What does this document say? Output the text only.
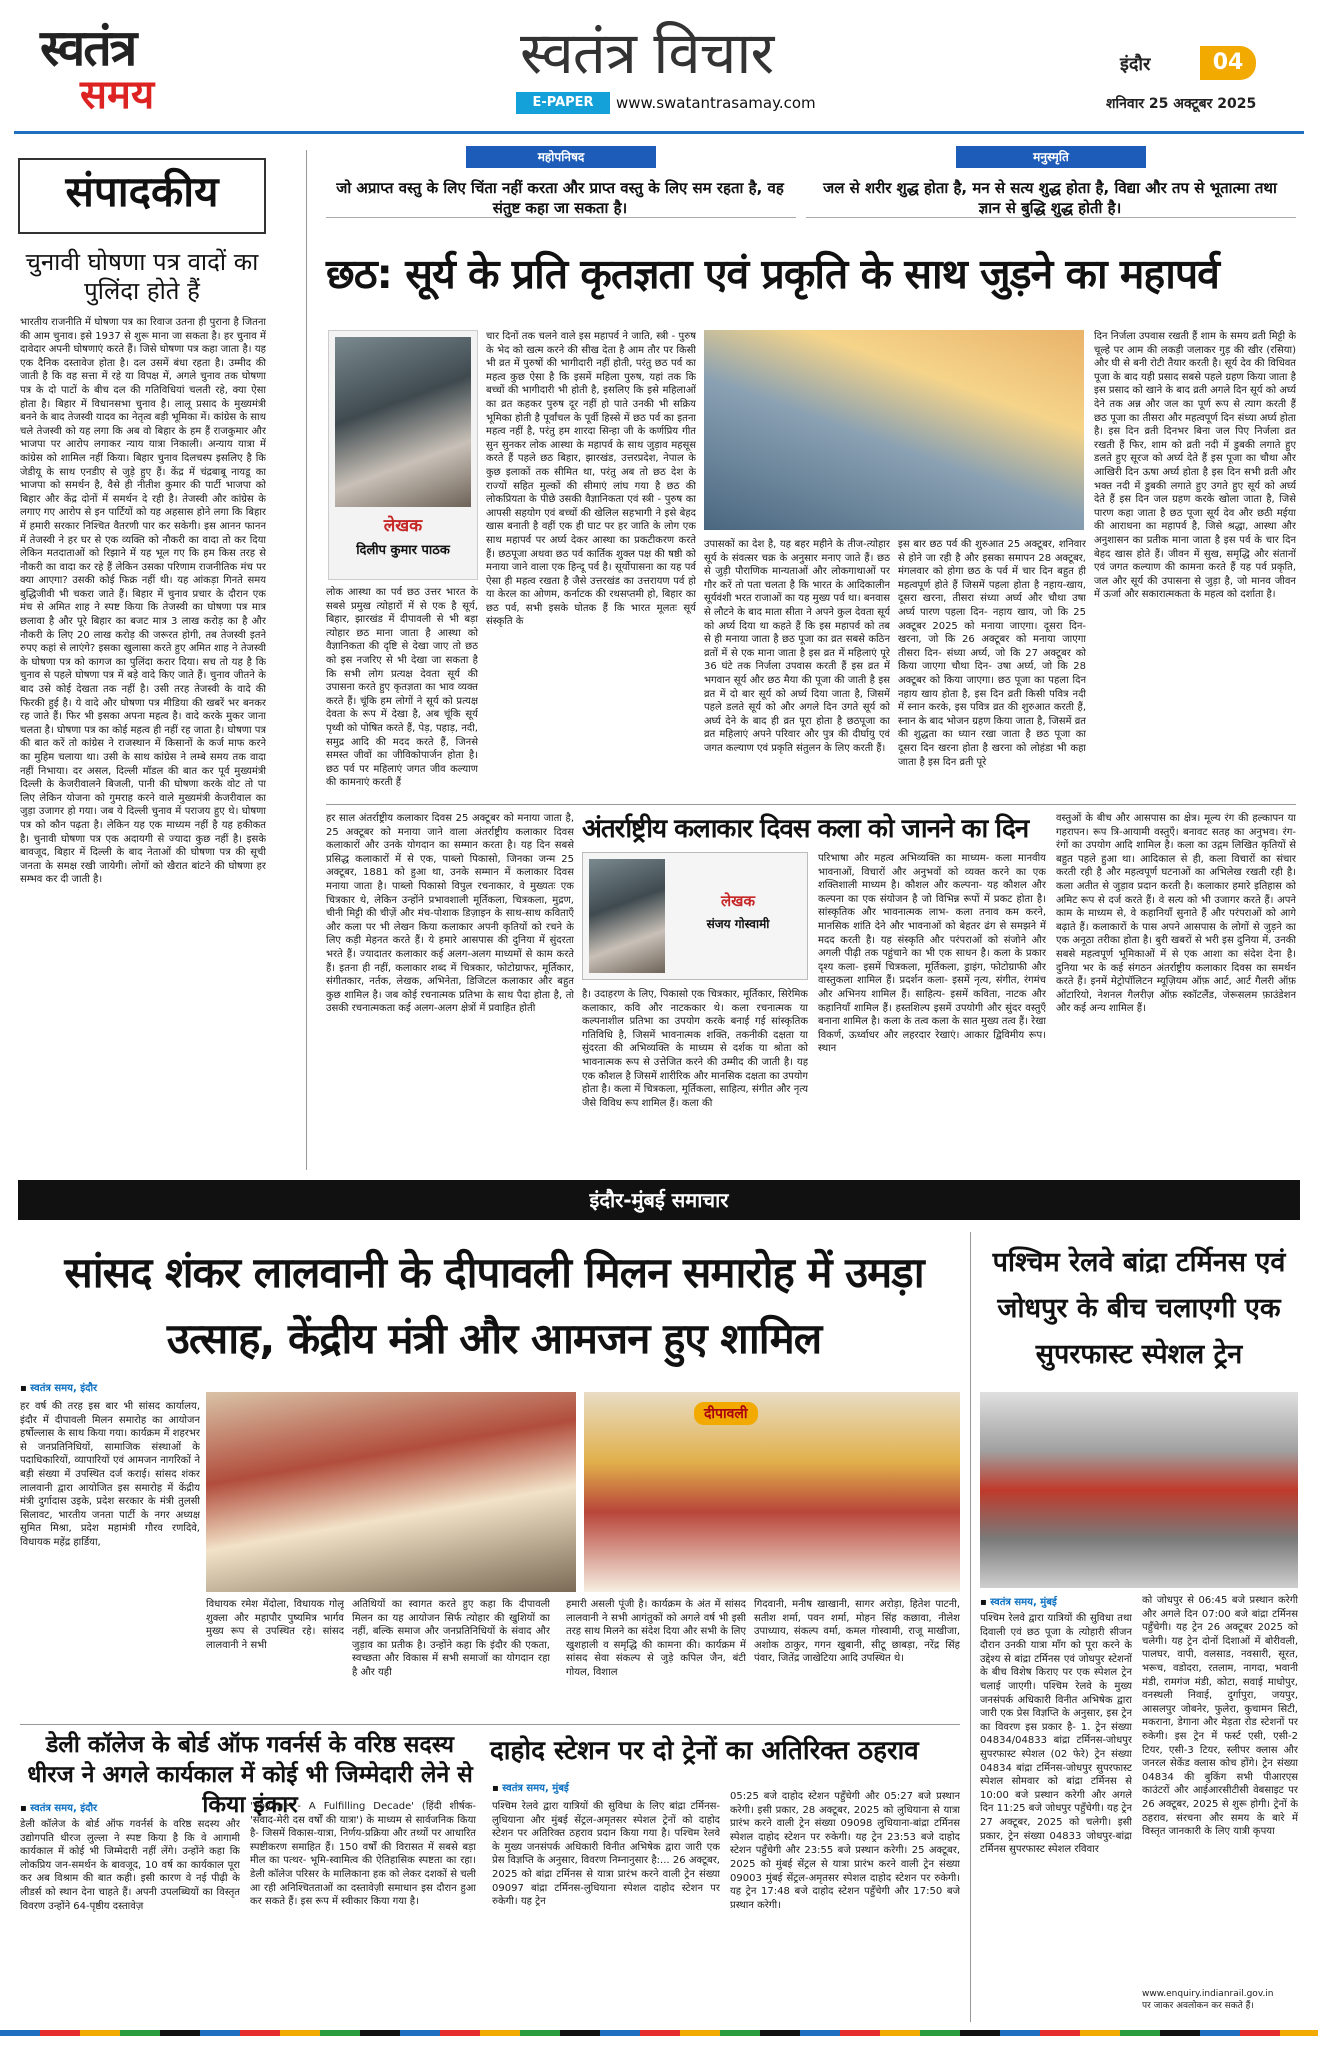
स्वतंत्र
समय
स्वतंत्र विचार
E-PAPER	www.swatantrasamay.com
इंदौर	04
शनिवार 25 अक्टूबर 2025
संपादकीय
चुनावी घोषणा पत्र वादों का पुलिंदा होते हैं
भारतीय राजनीति में घोषणा पत्र का रिवाज उतना ही पुराना है जितना की आम चुनाव। इसे 1937 से शुरू माना जा सकता है। हर चुनाव में दावेदार अपनी घोषणाएं करते हैं। जिसे घोषणा पत्र कहा जाता है। यह एक दैनिक दस्तावेज होता है। दल उसमें बंधा रहता है। उम्मीद की जाती है कि वह सत्ता में रहे या विपक्ष में, अगले चुनाव तक घोषणा पत्र के दो पाटों के बीच दल की गतिविधियां चलती रहे, क्या ऐसा होता है। बिहार में विधानसभा चुनाव है। लालू प्रसाद के मुख्यमंत्री बनने के बाद तेजस्वी यादव का नेतृत्व बड़ी भूमिका में। कांग्रेस के साथ चले तेजस्वी को यह लगा कि अब वो बिहार के हम हैं राजकुमार और भाजपा पर आरोप लगाकर न्याय यात्रा निकाली। अन्याय यात्रा में कांग्रेस को शामिल नहीं किया। बिहार चुनाव दिलचस्प इसलिए है कि जेडीयू के साथ एनडीए से जुड़े हुए हैं। केंद्र में चंद्रबाबू नायडू का भाजपा को समर्थन है, वैसे ही नीतीश कुमार की पार्टी भाजपा को बिहार और केंद्र दोनों में समर्थन दे रही है। तेजस्वी और कांग्रेस के लगाए गए आरोप से इन पार्टियों को यह अहसास होने लगा कि बिहार में हमारी सरकार निश्चित वैतरणी पार कर सकेगी। इस आनन फानन में तेजस्वी ने हर घर से एक व्यक्ति को नौकरी का वादा तो कर दिया लेकिन मतदाताओं को रिझाने में यह भूल गए कि हम किस तरह से नौकरी का वादा कर रहे हैं लेकिन उसका परिणाम राजनीतिक मंच पर क्या आएगा? उसकी कोई फिक्र नहीं थी। यह आंकड़ा गिनते समय बुद्धिजीवी भी चकरा जाते हैं। बिहार में चुनाव प्रचार के दौरान एक मंच से अमित शाह ने स्पष्ट किया कि तेजस्वी का घोषणा पत्र मात्र छलावा है और पूरे बिहार का बजट मात्र 3 लाख करोड़ का है और नौकरी के लिए 20 लाख करोड़ की जरूरत होगी, तब तेजस्वी इतने रुपए कहां से लाएंगे? इसका खुलासा करते हुए अमित शाह ने तेजस्वी के घोषणा पत्र को कागज का पुलिंदा करार दिया। सच तो यह है कि चुनाव से पहले घोषणा पत्र में बड़े वादे किए जाते हैं। चुनाव जीतने के बाद उसे कोई देखता तक नहीं है। उसी तरह तेजस्वी के वादे की फिरकी हुई है। ये वादे और घोषणा पत्र मीडिया की खबरें भर बनकर रह जाते हैं। फिर भी इसका अपना महत्व है। वादे करके मुकर जाना चलता है। घोषणा पत्र का कोई महत्व ही नहीं रह जाता है। घोषणा पत्र की बात करें तो कांग्रेस ने राजस्थान में किसानों के कर्ज माफ करने का मुहिम चलाया था। उसी के साथ कांग्रेस ने लम्बे समय तक वादा नहीं निभाया। दर असल, दिल्ली मॉडल की बात कर पूर्व मुख्यमंत्री दिल्ली के केजरीवालने बिजली, पानी की घोषणा करके वोट तो पा लिए लेकिन योजना को गुमराह करने वाले मुख्यमंत्री केजरीवाल का जुड़ा उजागर हो गया। जब ये दिल्ली चुनाव में पराजय हुए थे। घोषणा पत्र को कौन पढ़ता है। लेकिन यह एक माध्यम नहीं है यह हकीकत है। चुनावी घोषणा पत्र एक अदायगी से ज्यादा कुछ नहीं है। इसके बावजूद, बिहार में दिल्ली के बाद नेताओं की घोषणा पत्र की सूची जनता के समक्ष रखी जायेगी। लोगों को खैरात बांटने की घोषणा हर सम्भव कर दी जाती है।
महोपनिषद
जो अप्राप्त वस्तु के लिए चिंता नहीं करता और प्राप्त वस्तु के लिए सम रहता है, वह संतुष्ट कहा जा सकता है।
मनुस्मृति
जल से शरीर शुद्ध होता है, मन से सत्य शुद्ध होता है, विद्या और तप से भूतात्मा तथा ज्ञान से बुद्धि शुद्ध होती है।
छठ: सूर्य के प्रति कृतज्ञता एवं प्रकृति के साथ जुड़ने का महापर्व
लेखक
दिलीप कुमार पाठक
लोक आस्था का पर्व छठ उत्तर भारत के सबसे प्रमुख त्योहारों में से एक है सूर्य, बिहार, झारखंड में दीपावली से भी बड़ा त्योहार छठ माना जाता है आस्था को वैज्ञानिकता की दृष्टि से देखा जाए तो छठ को इस नजरिए से भी देखा जा सकता है कि सभी लोग प्रत्यक्ष देवता सूर्य की उपासना करते हुए कृतज्ञता का भाव व्यक्त करते हैं। चूंकि हम लोगों ने सूर्य को प्रत्यक्ष देवता के रूप में देखा है, अब चूंकि सूर्य पृथ्वी को पोषित करते हैं, पेड़, पहाड़, नदी, समुद्र आदि की मदद करते हैं, जिनसे समस्त जीवों का जीविकोपार्जन होता है। छठ पर्व पर महिलाएं जगत जीव कल्याण की कामनाएं करती हैं
चार दिनों तक चलने वाले इस महापर्व ने जाति, स्त्री - पुरुष के भेद को खत्म करने की सीख देता है आम तौर पर किसी भी व्रत में पुरुषों की भागीदारी नहीं होती, परंतु छठ पर्व का महत्व कुछ ऐसा है कि इसमें महिला पुरुष, यहां तक कि बच्चों की भागीदारी भी होती है, इसलिए कि इसे महिलाओं का व्रत कहकर पुरुष दूर नहीं हो पाते उनकी भी सक्रिय भूमिका होती है पूर्वांचल के पूर्वी हिस्से में छठ पर्व का इतना महत्व नहीं है, परंतु हम शारदा सिन्हा जी के कर्णप्रिय गीत सुन सुनकर लोक आस्था के महापर्व के साथ जुड़ाव महसूस करते हैं पहले छठ बिहार, झारखंड, उत्तरप्रदेश, नेपाल के कुछ इलाकों तक सीमित था, परंतु अब तो छठ देश के राज्यों सहित मुल्कों की सीमाएं लांघ गया है छठ की लोकप्रियता के पीछे उसकी वैज्ञानिकता एवं स्त्री - पुरुष का आपसी सहयोग एवं बच्चों की खेलिल सहभागी ने इसे बेहद खास बनाती है वहीं एक ही घाट पर हर जाति के लोग एक साथ महापर्व पर अर्घ्य देकर आस्था का प्रकटीकरण करते हैं। छठपूजा अथवा छठ पर्व कार्तिक शुक्ल पक्ष की षष्ठी को मनाया जाने वाला एक हिन्दू पर्व है। सूर्योपासना का यह पर्व ऐसा ही महत्व रखता है जैसे उत्तरखंड का उत्तरायण पर्व हो या केरल का ओणम, कर्नाटक की रथसप्तमी हो, बिहार का छठ पर्व, सभी इसके घोतक हैं कि भारत मूलतः सूर्य संस्कृति के
उपासकों का देश है, यह बहर महीने के तीज-त्योहार सूर्य के संवत्सर चक्र के अनुसार मनाए जाते हैं। छठ से जुड़ी पौराणिक मान्यताओं और लोकगाथाओं पर गौर करें तो पता चलता है कि भारत के आदिकालीन सूर्यवंशी भरत राजाओं का यह मुख्य पर्व था। बनवास से लौटने के बाद माता सीता ने अपने कुल देवता सूर्य को अर्घ्य दिया था कहते हैं कि इस महापर्व को तब से ही मनाया जाता है छठ पूजा का व्रत सबसे कठिन व्रतों में से एक माना जाता है इस व्रत में महिलाएं पूरे 36 घंटे तक निर्जला उपवास करती हैं इस व्रत में भगवान सूर्य और छठ मैया की पूजा की जाती है इस व्रत में दो बार सूर्य को अर्घ्य दिया जाता है, जिसमें पहले डलते सूर्य को और अगले दिन उगते सूर्य को अर्घ्य देने के बाद ही व्रत पूरा होता है छठपूजा का व्रत महिलाएं अपने परिवार और पुत्र की दीर्घायु एवं जगत कल्याण एवं प्रकृति संतुलन के लिए करती हैं।
इस बार छठ पर्व की शुरुआत 25 अक्टूबर, शनिवार से होने जा रही है और इसका समापन 28 अक्टूबर, मंगलवार को होगा छठ के पर्व में चार दिन बहुत ही महत्वपूर्ण होते हैं जिसमें पहला होता है नहाय-खाय, दूसरा खरना, तीसरा संध्या अर्घ्य और चौथा उषा अर्घ्य पारण पहला दिन- नहाय खाय, जो कि 25 अक्टूबर 2025 को मनाया जाएगा। दूसरा दिन- खरना, जो कि 26 अक्टूबर को मनाया जाएगा तीसरा दिन- संध्या अर्घ्य, जो कि 27 अक्टूबर को किया जाएगा चौथा दिन- उषा अर्घ्य, जो कि 28 अक्टूबर को किया जाएगा। छठ पूजा का पहला दिन नहाय खाय होता है, इस दिन व्रती किसी पवित्र नदी में स्नान करके, इस पवित्र व्रत की शुरुआत करती हैं, स्नान के बाद भोजन ग्रहण किया जाता है, जिसमें व्रत की शुद्धता का ध्यान रखा जाता है छठ पूजा का दूसरा दिन खरना होता है खरना को लोहंडा भी कहा जाता है इस दिन व्रती पूरे
दिन निर्जला उपवास रखती हैं शाम के समय व्रती मिट्टी के चूल्हे पर आम की लकड़ी जलाकर गुड़ की खीर (रसिया) और घी से बनी रोटी तैयार करती है। सूर्य देव की विधिवत पूजा के बाद यही प्रसाद सबसे पहले ग्रहण किया जाता है इस प्रसाद को खाने के बाद व्रती अगले दिन सूर्य को अर्घ्य देने तक अन्न और जल का पूर्ण रूप से त्याग करती हैं छठ पूजा का तीसरा और महत्वपूर्ण दिन संध्या अर्घ्य होता है। इस दिन व्रती दिनभर बिना जल पिए निर्जला व्रत रखती हैं फिर, शाम को व्रती नदी में डुबकी लगाते हुए डलते हुए सूरज को अर्घ्य देते हैं इस पूजा का चौथा और आखिरी दिन ऊषा अर्घ्य होता है इस दिन सभी व्रती और भक्त नदी में डुबकी लगाते हुए उगते हुए सूर्य को अर्घ्य देते हैं इस दिन जल ग्रहण करके खोला जाता है, जिसे पारण कहा जाता है छठ पूजा सूर्य देव और छठी मईया की आराधना का महापर्व है, जिसे श्रद्धा, आस्था और अनुशासन का प्रतीक माना जाता है इस पर्व के चार दिन बेहद खास होते हैं। जीवन में सुख, समृद्धि और संतानों एवं जगत कल्याण की कामना करते हैं यह पर्व प्रकृति, जल और सूर्य की उपासना से जुड़ा है, जो मानव जीवन में ऊर्जा और सकारात्मकता के महत्व को दर्शाता है।
अंतर्राष्ट्रीय कलाकार दिवस कला को जानने का दिन
हर साल अंतर्राष्ट्रीय कलाकार दिवस 25 अक्टूबर को मनाया जाता है, 25 अक्टूबर को मनाया जाने वाला अंतर्राष्ट्रीय कलाकार दिवस कलाकारों और उनके योगदान का सम्मान करता है। यह दिन सबसे प्रसिद्ध कलाकारों में से एक, पाब्लो पिकासो, जिनका जन्म 25 अक्टूबर, 1881 को हुआ था, उनके सम्मान में कलाकार दिवस मनाया जाता है। पाब्लो पिकासो विपुल रचनाकार, वे मुख्यतः एक चित्रकार थे, लेकिन उन्होंने प्रभावशाली मूर्तिकला, चित्रकला, मुद्रण, चीनी मिट्टी की चीज़ें और मंच-पोशाक डिज़ाइन के साथ-साथ कविताएँ और कला पर भी लेखन किया कलाकार अपनी कृतियों को रचने के लिए कड़ी मेहनत करते हैं। ये हमारे आसपास की दुनिया में सुंदरता भरते हैं। ज्यादातर कलाकार कई अलग-अलग माध्यमों से काम करते हैं। इतना ही नहीं, कलाकार शब्द में चित्रकार, फोटोग्राफर, मूर्तिकार, संगीतकार, नर्तक, लेखक, अभिनेता, डिजिटल कलाकार और बहुत कुछ शामिल है। जब कोई रचनात्मक प्रतिभा के साथ पैदा होता है, तो उसकी रचनात्मकता कई अलग-अलग क्षेत्रों में प्रवाहित होती
लेखक
संजय गोस्वामी
है। उदाहरण के लिए, पिकासो एक चित्रकार, मूर्तिकार, सिरेमिक कलाकार, कवि और नाटककार थे। कला रचनात्मक या कल्पनाशील प्रतिभा का उपयोग करके बनाई गई सांस्कृतिक गतिविधि है, जिसमें भावनात्मक शक्ति, तकनीकी दक्षता या सुंदरता की अभिव्यक्ति के माध्यम से दर्शक या श्रोता को भावनात्मक रूप से उत्तेजित करने की उम्मीद की जाती है। यह एक कौशल है जिसमें शारीरिक और मानसिक दक्षता का उपयोग होता है। कला में चित्रकला, मूर्तिकला, साहित्य, संगीत और नृत्य जैसे विविध रूप शामिल हैं। कला की
परिभाषा और महत्व अभिव्यक्ति का माध्यम- कला मानवीय भावनाओं, विचारों और अनुभवों को व्यक्त करने का एक शक्तिशाली माध्यम है। कौशल और कल्पना- यह कौशल और कल्पना का एक संयोजन है जो विभिन्न रूपों में प्रकट होता है। सांस्कृतिक और भावनात्मक लाभ- कला तनाव कम करने, मानसिक शांति देने और भावनाओं को बेहतर ढंग से समझने में मदद करती है। यह संस्कृति और परंपराओं को संजोने और अगली पीढ़ी तक पहुंचाने का भी एक साधन है। कला के प्रकार दृश्य कला- इसमें चित्रकला, मूर्तिकला, ड्राइंग, फोटोग्राफी और वास्तुकला शामिल हैं। प्रदर्शन कला- इसमें नृत्य, संगीत, रंगमंच और अभिनय शामिल हैं। साहित्य- इसमें कविता, नाटक और कहानियाँ शामिल हैं। हस्तशिल्प इसमें उपयोगी और सुंदर वस्तुएँ बनाना शामिल है। कला के तत्व कला के सात मुख्य तत्व हैं। रेखा विकर्ण, ऊर्ध्वाधर और लहरदार रेखाएं। आकार द्विविमीय रूप। स्थान
वस्तुओं के बीच और आसपास का क्षेत्र। मूल्य रंग की हल्कापन या गहरापन। रूप त्रि-आयामी वस्तुएँ। बनावट सतह का अनुभव। रंग- रंगों का उपयोग आदि शामिल है। कला का उद्गम लिखित कृतियों से बहुत पहले हुआ था। आदिकाल से ही, कला विचारों का संचार करती रही है और महत्वपूर्ण घटनाओं का अभिलेख रखती रही है। कला अतीत से जुड़ाव प्रदान करती है। कलाकार हमारे इतिहास को अमिट रूप से दर्ज करते हैं। वे सत्य को भी उजागर करते हैं। अपने काम के माध्यम से, वे कहानियाँ सुनाते हैं और परंपराओं को आगे बढ़ाते हैं। कलाकारों के पास अपने आसपास के लोगों से जुड़ने का एक अनूठा तरीका होता है। बुरी खबरों से भरी इस दुनिया में, उनकी सबसे महत्वपूर्ण भूमिकाओं में से एक आशा का संदेश देना है। दुनिया भर के कई संगठन अंतर्राष्ट्रीय कलाकार दिवस का समर्थन करते हैं। इनमें मेट्रोपॉलिटन म्यूज़ियम ऑफ़ आर्ट, आर्ट गैलरी ऑफ़ ओंटारियो, नेशनल गैलरीज़ ऑफ़ स्कॉटलैंड, जेरूसलम फ़ाउंडेशन और कई अन्य शामिल हैं।
इंदौर-मुंबई समाचार
सांसद शंकर लालवानी के दीपावली मिलन समारोह में उमड़ा उत्साह, केंद्रीय मंत्री और आमजन हुए शामिल
▪ स्वतंत्र समय, इंदौर
हर वर्ष की तरह इस बार भी सांसद कार्यालय, इंदौर में दीपावली मिलन समारोह का आयोजन हर्षोल्लास के साथ किया गया। कार्यक्रम में शहरभर से जनप्रतिनिधियों, सामाजिक संस्थाओं के पदाधिकारियों, व्यापारियों एवं आमजन नागरिकों ने बड़ी संख्या में उपस्थित दर्ज कराई। सांसद शंकर लालवानी द्वारा आयोजित इस समारोह में केंद्रीय मंत्री दुर्गादास उइके, प्रदेश सरकार के मंत्री तुलसी सिलावट, भारतीय जनता पार्टी के नगर अध्यक्ष सुमित मिश्रा, प्रदेश महामंत्री गौरव रणदिवे, विधायक महेंद्र हार्डिया,
दीपावली
विधायक रमेश मेंदोला, विधायक गोलू शुक्ला और महापौर पुष्यमित्र भार्गव मुख्य रूप से उपस्थित रहे। सांसद लालवानी ने सभी
अतिथियों का स्वागत करते हुए कहा कि दीपावली मिलन का यह आयोजन सिर्फ त्योहार की खुशियों का नहीं, बल्कि समाज और जनप्रतिनिधियों के संवाद और जुड़ाव का प्रतीक है। उन्होंने कहा कि इंदौर की एकता, स्वच्छता और विकास में सभी समाजों का योगदान रहा है और यही
हमारी असली पूंजी है। कार्यक्रम के अंत में सांसद लालवानी ने सभी आगंतुकों को अगले वर्ष भी इसी तरह साथ मिलने का संदेश दिया और सभी के लिए खुशहाली व समृद्धि की कामना की। कार्यक्रम में सांसद सेवा संकल्प से जुड़े कपिल जैन, बंटी गोयल, विशाल
गिदवानी, मनीष खाखानी, सागर अरोड़ा, हितेश पाटनी, सतीश शर्मा, पवन शर्मा, मोहन सिंह कछावा, नीलेश उपाध्याय, संकल्प वर्मा, कमल गोस्वामी, राजू माखीजा, अशोक ठाकुर, गगन खुबानी, सीटू छाबड़ा, नरेंद्र सिंह पंवार, जितेंद्र जाखेटिया आदि उपस्थित थे।
डेली कॉलेज के बोर्ड ऑफ गवर्नर्स के वरिष्ठ सदस्य धीरज ने अगले कार्यकाल में कोई भी जिम्मेदारी लेने से किया इंकार
▪ स्वतंत्र समय, इंदौर
डेली कॉलेज के बोर्ड ऑफ गवर्नर्स के वरिष्ठ सदस्य और उद्योगपति धीरज लुल्ला ने स्पष्ट किया है कि वे आगामी कार्यकाल में कोई भी जिम्मेदारी नहीं लेंगे। उन्होंने कहा कि लोकप्रिय जन-समर्थन के बावजूद, 10 वर्ष का कार्यकाल पूरा कर अब विश्राम की बात कही। इसी कारण वे नई पीढ़ी के लीडर्स को स्थान देना चाहते हैं। अपनी उपलब्धियों का विस्तृत विवरण उन्होंने 64-पृष्ठीय दस्तावेज़
'Voyage - A Fulfilling Decade' (हिंदी शीर्षक- 'संवाद-मेरी दस वर्षों की यात्रा') के माध्यम से सार्वजनिक किया है- जिसमें विकास-यात्रा, निर्णय-प्रक्रिया और तथ्यों पर आधारित स्पष्टीकरण समाहित हैं। 150 वर्षों की विरासत में सबसे बड़ा मील का पत्थर- भूमि-स्वामित्व की ऐतिहासिक स्पष्टता का रहा। डेली कॉलेज परिसर के मालिकाना हक को लेकर दशकों से चली आ रही अनिश्चितताओं का दस्तावेज़ी समाधान इस दौरान हुआ कर सकते हैं। इस रूप में स्वीकार किया गया है।
दाहोद स्टेशन पर दो ट्रेनों का अतिरिक्त ठहराव
▪ स्वतंत्र समय, मुंबई
पश्चिम रेलवे द्वारा यात्रियों की सुविधा के लिए बांद्रा टर्मिनस-लुधियाना और मुंबई सेंट्रल-अमृतसर स्पेशल ट्रेनों को दाहोद स्टेशन पर अतिरिक्त ठहराव प्रदान किया गया है। पश्चिम रेलवे के मुख्य जनसंपर्क अधिकारी विनीत अभिषेक द्वारा जारी एक प्रेस विज्ञप्ति के अनुसार, विवरण निम्नानुसार है:... 26 अक्टूबर, 2025 को बांद्रा टर्मिनस से यात्रा प्रारंभ करने वाली ट्रेन संख्या 09097 बांद्रा टर्मिनस-लुधियाना स्पेशल दाहोद स्टेशन पर रुकेगी। यह ट्रेन
05:25 बजे दाहोद स्टेशन पहुँचेगी और 05:27 बजे प्रस्थान करेगी। इसी प्रकार, 28 अक्टूबर, 2025 को लुधियाना से यात्रा प्रारंभ करने वाली ट्रेन संख्या 09098 लुधियाना-बांद्रा टर्मिनस स्पेशल दाहोद स्टेशन पर रुकेगी। यह ट्रेन 23:53 बजे दाहोद स्टेशन पहुँचेगी और 23:55 बजे प्रस्थान करेगी। 25 अक्टूबर, 2025 को मुंबई सेंट्रल से यात्रा प्रारंभ करने वाली ट्रेन संख्या 09003 मुंबई सेंट्रल-अमृतसर स्पेशल दाहोद स्टेशन पर रुकेगी। यह ट्रेन 17:48 बजे दाहोद स्टेशन पहुँचेगी और 17:50 बजे प्रस्थान करेगी।
पश्चिम रेलवे बांद्रा टर्मिनस एवं जोधपुर के बीच चलाएगी एक सुपरफास्ट स्पेशल ट्रेन
▪ स्वतंत्र समय, मुंबई
पश्चिम रेलवे द्वारा यात्रियों की सुविधा तथा दिवाली एवं छठ पूजा के त्योहारी सीजन दौरान उनकी यात्रा माँग को पूरा करने के उद्देश्य से बांद्रा टर्मिनस एवं जोधपुर स्टेशनों के बीच विशेष किराए पर एक स्पेशल ट्रेन चलाई जाएगी। पश्चिम रेलवे के मुख्य जनसंपर्क अधिकारी विनीत अभिषेक द्वारा जारी एक प्रेस विज्ञप्ति के अनुसार, इस ट्रेन का विवरण इस प्रकार है- 1. ट्रेन संख्या 04834/04833 बांद्रा टर्मिनस-जोधपुर सुपरफास्ट स्पेशल (02 फेरे) ट्रेन संख्या 04834 बांद्रा टर्मिनस-जोधपुर सुपरफास्ट स्पेशल सोमवार को बांद्रा टर्मिनस से 10:00 बजे प्रस्थान करेगी और अगले दिन 11:25 बजे जोधपुर पहुँचेगी। यह ट्रेन 27 अक्टूबर, 2025 को चलेगी। इसी प्रकार, ट्रेन संख्या 04833 जोधपुर-बांद्रा टर्मिनस सुपरफास्ट स्पेशल रविवार
को जोधपुर से 06:45 बजे प्रस्थान करेगी और अगले दिन 07:00 बजे बांद्रा टर्मिनस पहुँचेगी। यह ट्रेन 26 अक्टूबर 2025 को चलेगी। यह ट्रेन दोनों दिशाओं में बोरीवली, पालघर, वापी, वलसाड, नवसारी, सूरत, भरूच, वडोदरा, रतलाम, नागदा, भवानी मंडी, रामगंज मंडी, कोटा, सवाई माधोपुर, वनस्थली निवाई, दुर्गापुरा, जयपुर, आसलपुर जोबनेर, फुलेरा, कुचामन सिटी, मकराना, डेगाना और मेड़ता रोड स्टेशनों पर रुकेगी। इस ट्रेन में फर्स्ट एसी, एसी-2 टियर, एसी-3 टियर, स्लीपर क्लास और जनरल सेकेंड क्लास कोच होंगे। ट्रेन संख्या 04834 की बुकिंग सभी पीआरएस काउंटरों और आईआरसीटीसी वेबसाइट पर 26 अक्टूबर, 2025 से शुरू होगी। ट्रेनों के ठहराव, संरचना और समय के बारे में विस्तृत जानकारी के लिए यात्री कृपया
www.enquiry.indianrail.gov.in
पर जाकर अवलोकन कर सकते हैं।
